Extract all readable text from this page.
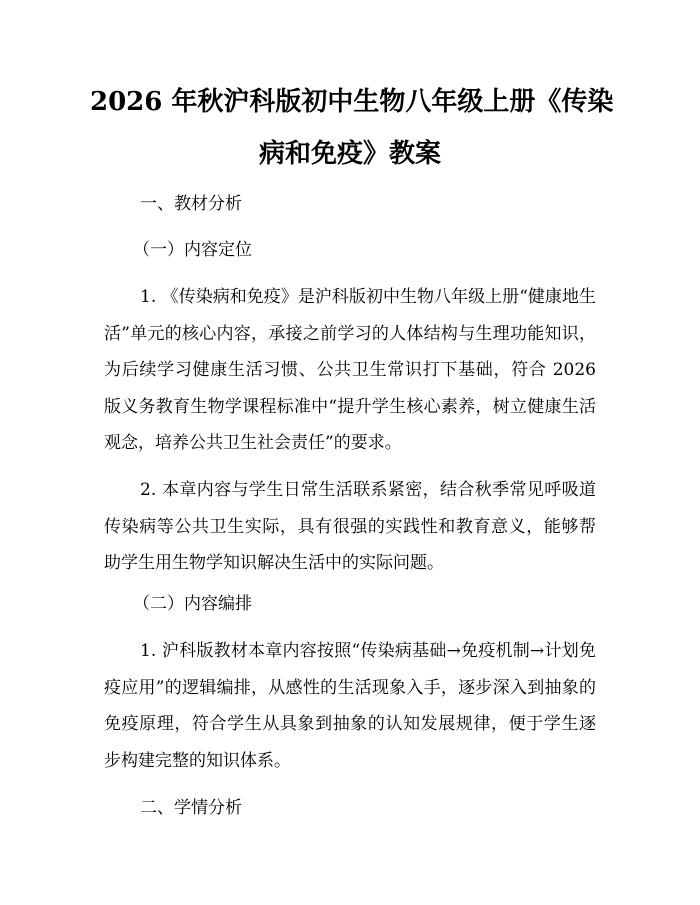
2026 年秋沪科版初中生物八年级上册《传染
病和免疫》教案

一、教材分析

（一）内容定位

1. 《传染病和免疫》是沪科版初中生物八年级上册“健康地生活”单元的核心内容，承接之前学习的人体结构与生理功能知识，为后续学习健康生活习惯、公共卫生常识打下基础，符合 2026 版义务教育生物学课程标准中“提升学生核心素养，树立健康生活观念，培养公共卫生社会责任”的要求。

2. 本章内容与学生日常生活联系紧密，结合秋季常见呼吸道传染病等公共卫生实际，具有很强的实践性和教育意义，能够帮助学生用生物学知识解决生活中的实际问题。

（二）内容编排

1. 沪科版教材本章内容按照“传染病基础→免疫机制→计划免疫应用”的逻辑编排，从感性的生活现象入手，逐步深入到抽象的免疫原理，符合学生从具象到抽象的认知发展规律，便于学生逐步构建完整的知识体系。

二、学情分析
